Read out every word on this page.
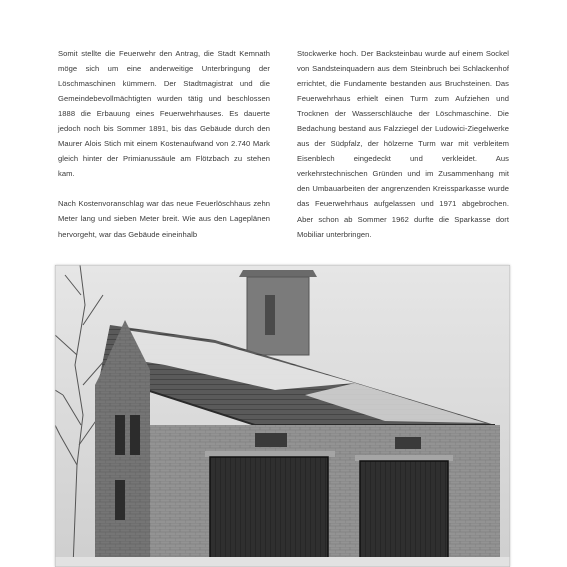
Somit stellte die Feuerwehr den Antrag, die Stadt Kemnath möge sich um eine anderweitige Unterbringung der Löschmaschinen kümmern. Der Stadtmagistrat und die Gemeindebevollmächtigten wurden tätig und beschlossen 1888 die Erbauung eines Feuerwehrhauses. Es dauerte jedoch noch bis Sommer 1891, bis das Gebäude durch den Maurer Alois Stich mit einem Kostenaufwand von 2.740 Mark gleich hinter der Primianussäule am Flötzbach zu stehen kam.

Nach Kostenvoranschlag war das neue Feuerlöschhaus zehn Meter lang und sieben Meter breit. Wie aus den Lageplänen hervorgeht, war das Gebäude eineinhalb

Stockwerke hoch. Der Backsteinbau wurde auf einem Sockel von Sandsteinquadern aus dem Steinbruch bei Schlackenhof errichtet, die Fundamente bestanden aus Bruchsteinen. Das Feuerwehrhaus erhielt einen Turm zum Aufziehen und Trocknen der Wasserschläuche der Löschmaschine. Die Bedachung bestand aus Falzziegel der Ludowici-Ziegelwerke aus der Südpfalz, der hölzerne Turm war mit verbleitem Eisenblech eingedeckt und verkleidet. Aus verkehrstechnischen Gründen und im Zusammenhang mit den Umbauarbeiten der angrenzenden Kreissparkasse wurde das Feuerwehrhaus aufgelassen und 1971 abgebrochen. Aber schon ab Sommer 1962 durfte die Sparkasse dort Mobiliar unterbringen.
